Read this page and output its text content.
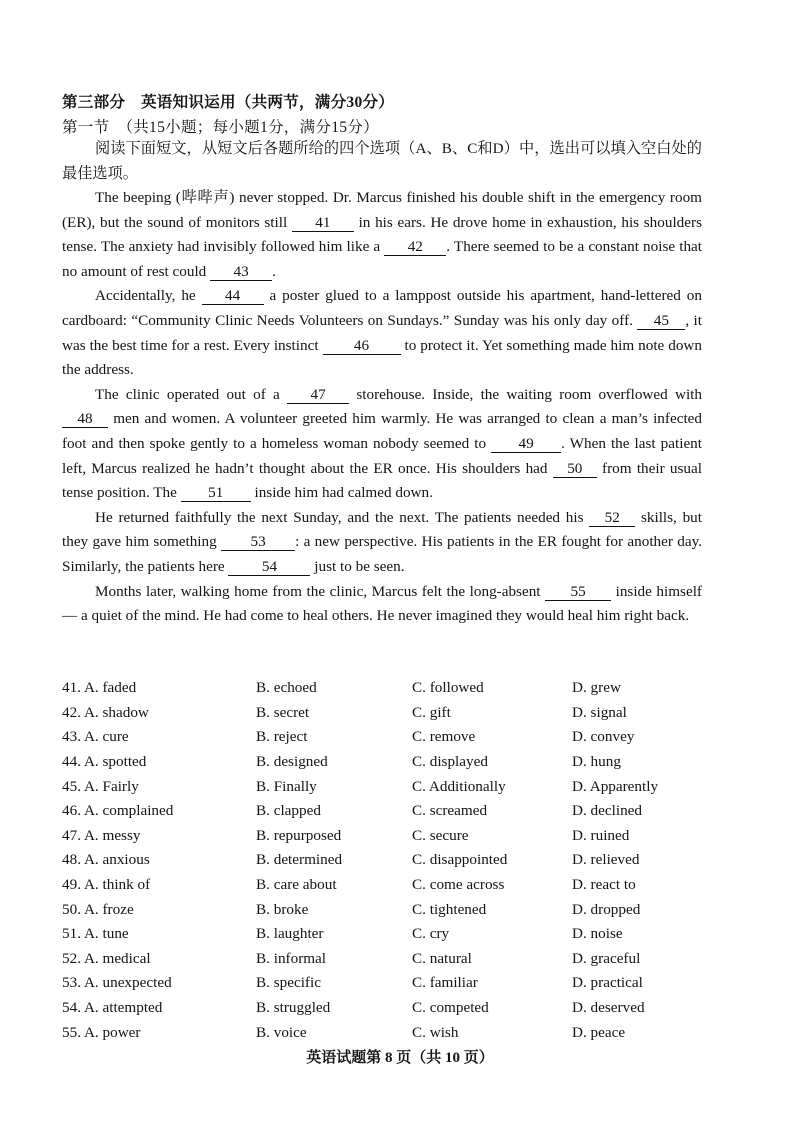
第三部分　英语知识运用（共两节，满分30分）
第一节　（共15小题；每小题1分，满分15分）
阅读下面短文，从短文后各题所给的四个选项（A、B、C和D）中，选出可以填入空白处的最佳选项。

The beeping (哔哔声) never stopped. Dr. Marcus finished his double shift in the emergency room (ER), but the sound of monitors still 41 in his ears. He drove home in exhaustion, his shoulders tense. The anxiety had invisibly followed him like a 42 . There seemed to be a constant noise that no amount of rest could 43 .

Accidentally, he 44 a poster glued to a lamppost outside his apartment, hand-lettered on cardboard: “Community Clinic Needs Volunteers on Sundays.” Sunday was his only day off. 45 , it was the best time for a rest. Every instinct 46 to protect it. Yet something made him note down the address.

The clinic operated out of a 47 storehouse. Inside, the waiting room overflowed with 48 men and women. A volunteer greeted him warmly. He was arranged to clean a man’s infected foot and then spoke gently to a homeless woman nobody seemed to 49 . When the last patient left, Marcus realized he hadn’t thought about the ER once. His shoulders had 50 from their usual tense position. The 51 inside him had calmed down.

He returned faithfully the next Sunday, and the next. The patients needed his 52 skills, but they gave him something 53 : a new perspective. His patients in the ER fought for another day. Similarly, the patients here 54 just to be seen.

Months later, walking home from the clinic, Marcus felt the long-absent 55 inside himself — a quiet of the mind. He had come to heal others. He never imagined they would heal him right back.

41. A. faded	B. echoed	C. followed	D. grew
42. A. shadow	B. secret	C. gift	D. signal
43. A. cure	B. reject	C. remove	D. convey
44. A. spotted	B. designed	C. displayed	D. hung
45. A. Fairly	B. Finally	C. Additionally	D. Apparently
46. A. complained	B. clapped	C. screamed	D. declined
47. A. messy	B. repurposed	C. secure	D. ruined
48. A. anxious	B. determined	C. disappointed	D. relieved
49. A. think of	B. care about	C. come across	D. react to
50. A. froze	B. broke	C. tightened	D. dropped
51. A. tune	B. laughter	C. cry	D. noise
52. A. medical	B. informal	C. natural	D. graceful
53. A. unexpected	B. specific	C. familiar	D. practical
54. A. attempted	B. struggled	C. competed	D. deserved
55. A. power	B. voice	C. wish	D. peace
英语试题第 8 页（共 10 页）
